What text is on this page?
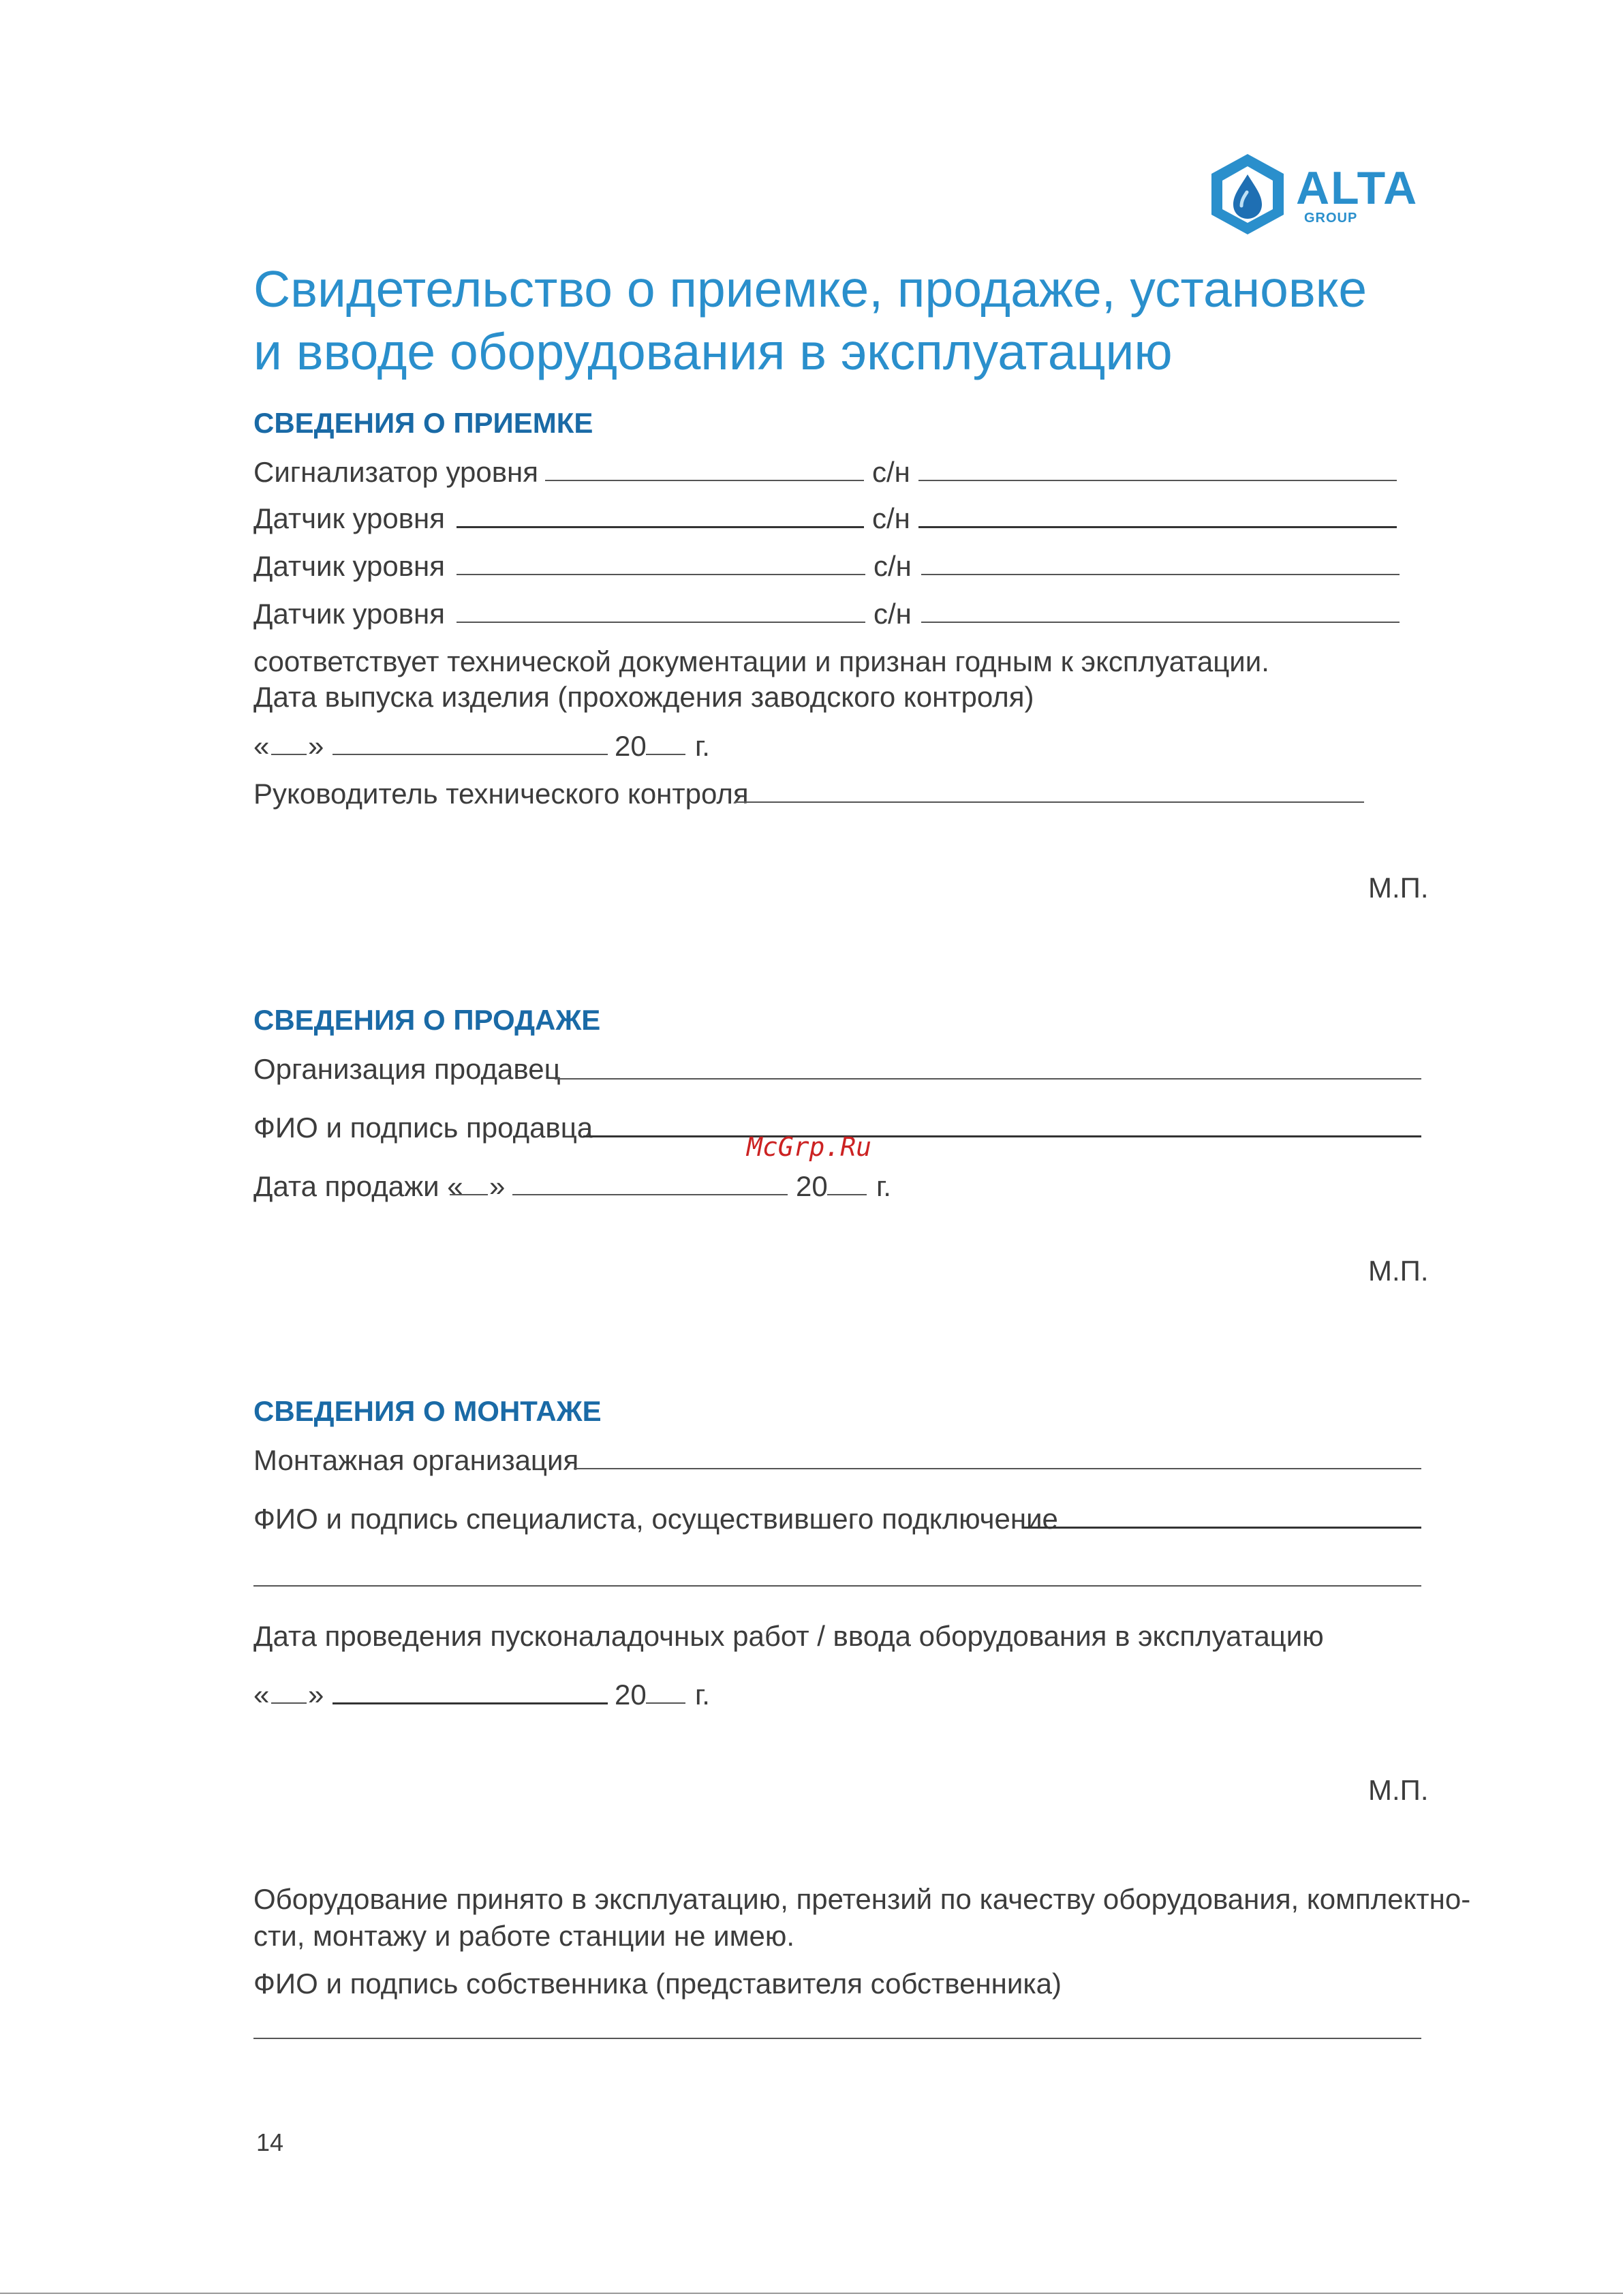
ALTA
GROUP
Свидетельство о приемке, продаже, установке
и вводе оборудования в эксплуатацию
СВЕДЕНИЯ О ПРИЕМКЕ
Сигнализатор уровня	с/н
Датчик уровня	с/н
Датчик уровня	с/н
Датчик уровня	с/н
соответствует технической документации и признан годным к эксплуатации.
Дата выпуска изделия (прохождения заводского контроля)
« »	20 г.
Руководитель технического контроля
М.П.
СВЕДЕНИЯ О ПРОДАЖЕ
Организация продавец
ФИО и подпись продавца
McGrp.Ru
Дата продажи « »	20 г.
М.П.
СВЕДЕНИЯ О МОНТАЖЕ
Монтажная организация
ФИО и подпись специалиста, осуществившего подключение
Дата проведения пусконаладочных работ / ввода оборудования в эксплуатацию
« »	20 г.
М.П.
Оборудование принято в эксплуатацию, претензий по качеству оборудования, комплектно-
сти, монтажу и работе станции не имею.
ФИО и подпись собственника (представителя собственника)
14
